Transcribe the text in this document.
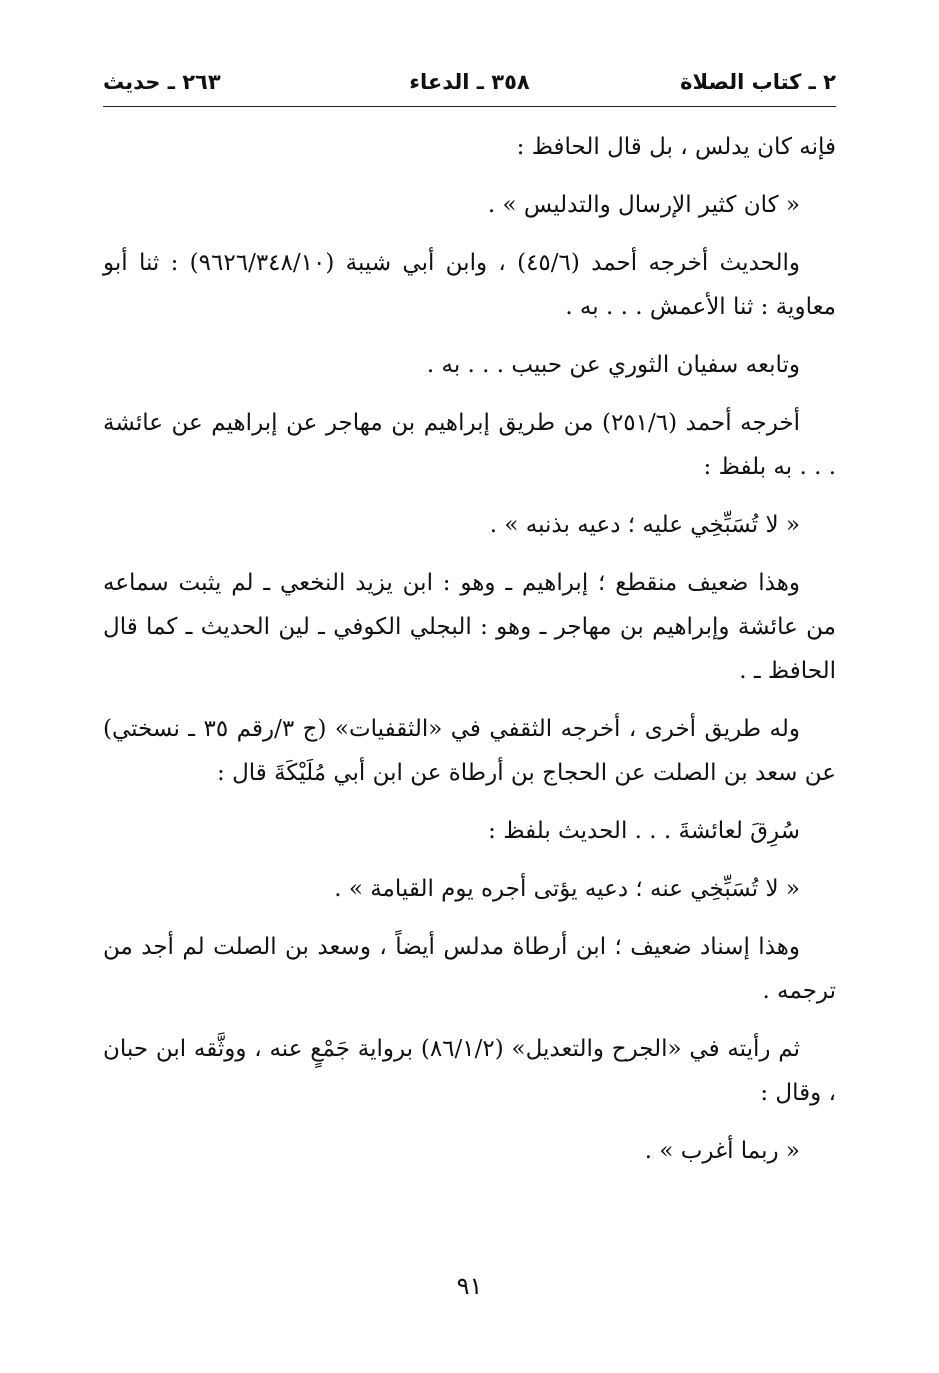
٢ ـ كتاب الصلاة
٣٥٨ ـ الدعاء
٢٦٣ ـ حديث

فإنه كان يدلس ، بل قال الحافظ :

« كان كثير الإرسال والتدليس » .

والحديث أخرجه أحمد (٤٥/٦) ، وابن أبي شيبة (٩٦٢٦/٣٤٨/١٠) : ثنا أبو معاوية : ثنا الأعمش . . . به .

وتابعه سفيان الثوري عن حبيب . . . به .

أخرجه أحمد (٢٥١/٦) من طريق إبراهيم بن مهاجر عن إبراهيم عن عائشة . . . به بلفظ :

« لا تُسَبِّخِي عليه ؛ دعيه بذنبه » .

وهذا ضعيف منقطع ؛ إبراهيم ـ وهو : ابن يزيد النخعي ـ لم يثبت سماعه من عائشة وإبراهيم بن مهاجر ـ وهو : البجلي الكوفي ـ لين الحديث ـ كما قال الحافظ ـ .

وله طريق أخرى ، أخرجه الثقفي في «الثقفيات» (ج ٣/رقم ٣٥ ـ نسختي) عن سعد بن الصلت عن الحجاج بن أرطاة عن ابن أبي مُلَيْكَةَ قال :

سُرِقَ لعائشةَ . . . الحديث بلفظ :

« لا تُسَبِّخِي عنه ؛ دعيه يؤتى أجره يوم القيامة » .

وهذا إسناد ضعيف ؛ ابن أرطاة مدلس أيضاً ، وسعد بن الصلت لم أجد من ترجمه .

ثم رأيته في «الجرح والتعديل» (٨٦/١/٢) برواية جَمْعٍ عنه ، ووثَّقه ابن حبان ، وقال :

« ربما أغرب » .

٩١
